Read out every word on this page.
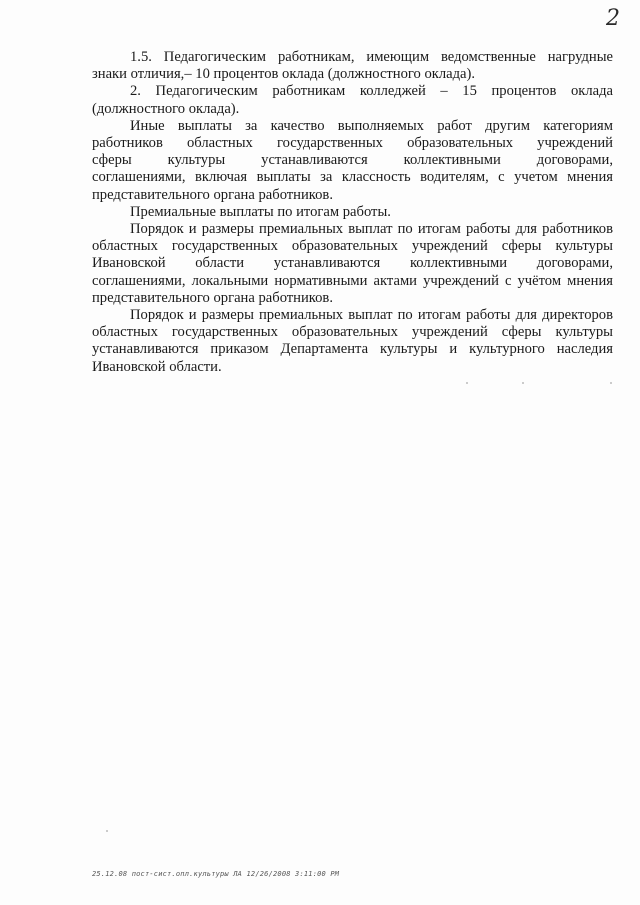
2

1.5. Педагогическим работникам, имеющим ведомственные нагрудные
знаки отличия,– 10 процентов оклада (должностного оклада).

2. Педагогическим работникам колледжей – 15 процентов оклада
(должностного оклада).

Иные выплаты за качество выполняемых работ другим категориям
работников областных государственных образовательных учреждений
сферы культуры устанавливаются коллективными договорами,
соглашениями, включая выплаты за классность водителям, с учетом мнения
представительного органа работников.

Премиальные выплаты по итогам работы.

Порядок и размеры премиальных выплат по итогам работы для работников
областных государственных образовательных учреждений сферы культуры
Ивановской области устанавливаются коллективными договорами,
соглашениями, локальными нормативными актами учреждений с учётом мнения
представительного органа работников.

Порядок и размеры премиальных выплат по итогам работы для директоров
областных государственных образовательных учреждений сферы культуры
устанавливаются приказом Департамента культуры и культурного наследия
Ивановской области.

25.12.08 пост-сист.опл.культуры ЛА 12/26/2008 3:11:00 PM
